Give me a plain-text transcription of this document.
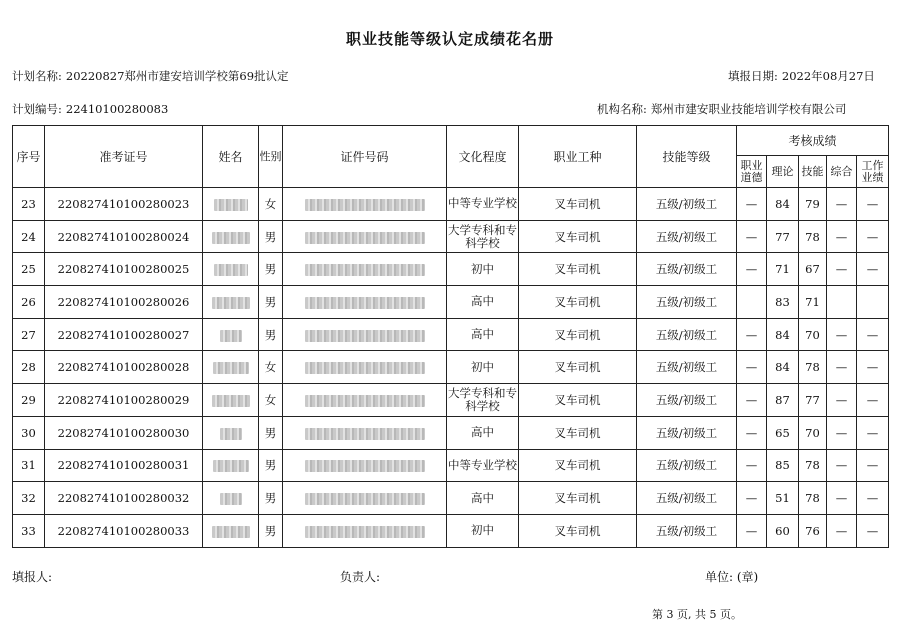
职业技能等级认定成绩花名册
计划名称: 20220827郑州市建安培训学校第69批认定	填报日期: 2022年08月27日
计划编号: 22410100280083	机构名称: 郑州市建安职业技能培训学校有限公司
序号	准考证号	姓名	性别	证件号码	文化程度	职业工种	技能等级	考核成绩				
								职业道德	理论	技能	综合	工作业绩
23	220827410100280023		女		中等专业学校	叉车司机	五级/初级工	—	84	79	—	—
24	220827410100280024		男		大学专科和专科学校	叉车司机	五级/初级工	—	77	78	—	—
25	220827410100280025		男		初中	叉车司机	五级/初级工	—	71	67	—	—
26	220827410100280026		男		高中	叉车司机	五级/初级工		83	71		
27	220827410100280027		男		高中	叉车司机	五级/初级工	—	84	70	—	—
28	220827410100280028		女		初中	叉车司机	五级/初级工	—	84	78	—	—
29	220827410100280029		女		大学专科和专科学校	叉车司机	五级/初级工	—	87	77	—	—
30	220827410100280030		男		高中	叉车司机	五级/初级工	—	65	70	—	—
31	220827410100280031		男		中等专业学校	叉车司机	五级/初级工	—	85	78	—	—
32	220827410100280032		男		高中	叉车司机	五级/初级工	—	51	78	—	—
33	220827410100280033		男		初中	叉车司机	五级/初级工	—	60	76	—	—
填报人:	负责人:	单位: (章)
第 3 页, 共 5 页。
